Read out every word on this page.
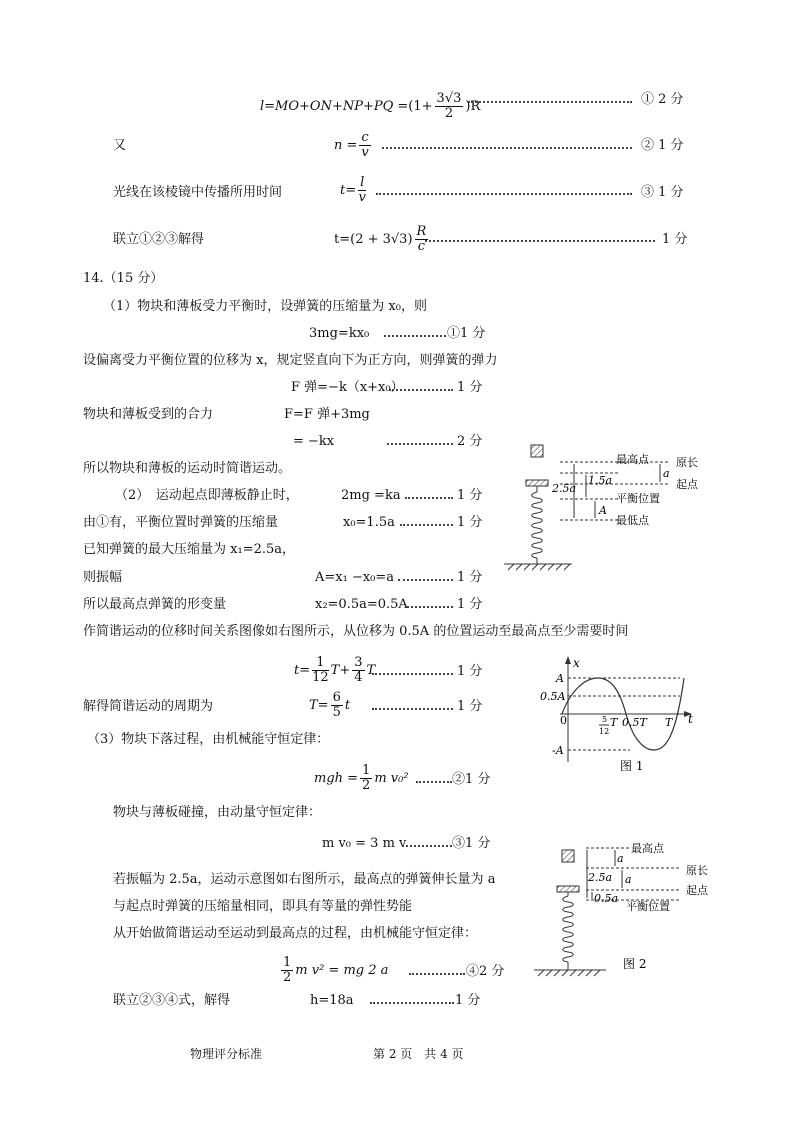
$l=MO+ON+NP+PQ =(1+ \frac{3√3}{2} )R$	① 2 分
又	$n = \frac{c}{v}$	② 1 分
光线在该棱镜中传播所用时间	$t= \frac{l}{v}$	③ 1 分
联立①②③解得	$t=(2 + 3√3) \frac{R}{c}$	1 分
14.（15 分）
（1）物块和薄板受力平衡时，设弹簧的压缩量为 x₀，则
3mg=kx₀	①1 分
设偏离受力平衡位置的位移为 x，规定竖直向下为正方向，则弹簧的弹力
F 弹=−k（x+x₀）	1 分
物块和薄板受到的合力	F=F 弹+3mg
= −kx	2 分
所以物块和薄板的运动时简谐运动。
（2）　运动起点即薄板静止时，	2mg =ka	1 分
由①有，平衡位置时弹簧的压缩量	x₀=1.5a	1 分
已知弹簧的最大压缩量为 x₁=2.5a，
则振幅	A=x₁ −x₀=a	1 分
所以最高点弹簧的形变量	x₂=0.5a=0.5A	1 分
作简谐运动的位移时间关系图像如右图所示，从位移为 0.5A 的位置运动至最高点至少需要时间
$t= \frac{1}{12} T+ \frac{3}{4}$ T	1 分
解得简谐运动的周期为	$T= \frac{6}{5}$ t	1 分
（3）物块下落过程，由机械能守恒定律：
mgh = $\frac{1}{2}$ m v₀²	②1 分
物块与薄板碰撞，由动量守恒定律：
m v₀ = 3 m v	③1 分
若振幅为 2.5a，运动示意图如右图所示，最高点的弹簧伸长量为 a
与起点时弹簧的压缩量相同，即具有等量的弹性势能
从开始做简谐运动至运动到最高点的过程，由机械能守恒定律：
$\frac{1}{2}$ m v² = mg 2 a	④2 分
联立②③④式，解得	h=18a	1 分
最高点 原长
起点
平衡位置
最低点
2.5a
1.5a
a
A
x
t
A
0.5A
0
-A
5
12
T 0.5T T
图 1
最高点
原长
起点
平衡位置
2.5a
0.5a
a
a
图 2
物理评分标准	第 2 页　共 4 页
